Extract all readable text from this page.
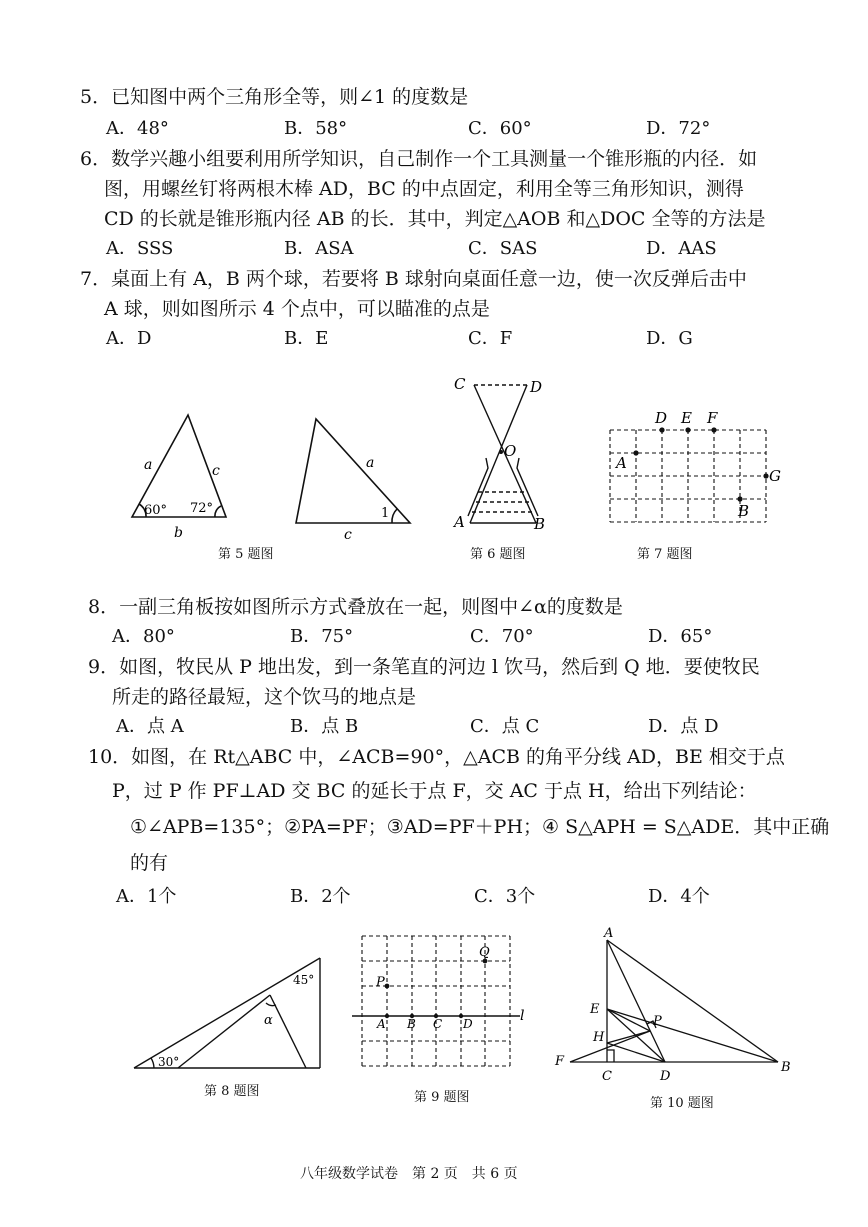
5．已知图中两个三角形全等，则∠1 的度数是
A．48°	B．58°	C．60°	D．72°
6．数学兴趣小组要利用所学知识，自己制作一个工具测量一个锥形瓶的内径．如
图，用螺丝钉将两根木棒 AD，BC 的中点固定，利用全等三角形知识，测得
CD 的长就是锥形瓶内径 AB 的长．其中，判定△AOB 和△DOC 全等的方法是
A．SSS	B．ASA	C．SAS	D．AAS
7．桌面上有 A，B 两个球，若要将 B 球射向桌面任意一边，使一次反弹后击中
A 球，则如图所示 4 个点中，可以瞄准的点是
A．D	B．E	C．F	D．G
a	c
b
60° 72°
a
c
1
第 5 题图
C	D
O
A	B
第 6 题图
D E F
A
G
B
第 7 题图
8．一副三角板按如图所示方式叠放在一起，则图中∠α的度数是
A．80°	B．75°	C．70°	D．65°
9．如图，牧民从 P 地出发，到一条笔直的河边 l 饮马，然后到 Q 地．要使牧民
所走的路径最短，这个饮马的地点是
A．点 A	B．点 B	C．点 C	D．点 D
10．如图，在 Rt△ABC 中，∠ACB=90°，△ACB 的角平分线 AD，BE 相交于点
P，过 P 作 PF⊥AD 交 BC 的延长于点 F，交 AC 于点 H，给出下列结论：
①∠APB=135°；②PA=PF；③AD=PF＋PH；④ S△APH = S△ADE．其中正确
的有
A．1个	B．2个	C．3个	D．4个
30°
45°
α
第 8 题图
P
Q
A B C D	l
第 9 题图
A
E
P
H
F
C	D
B
第 10 题图
八年级数学试卷　第 2 页　共 6 页
